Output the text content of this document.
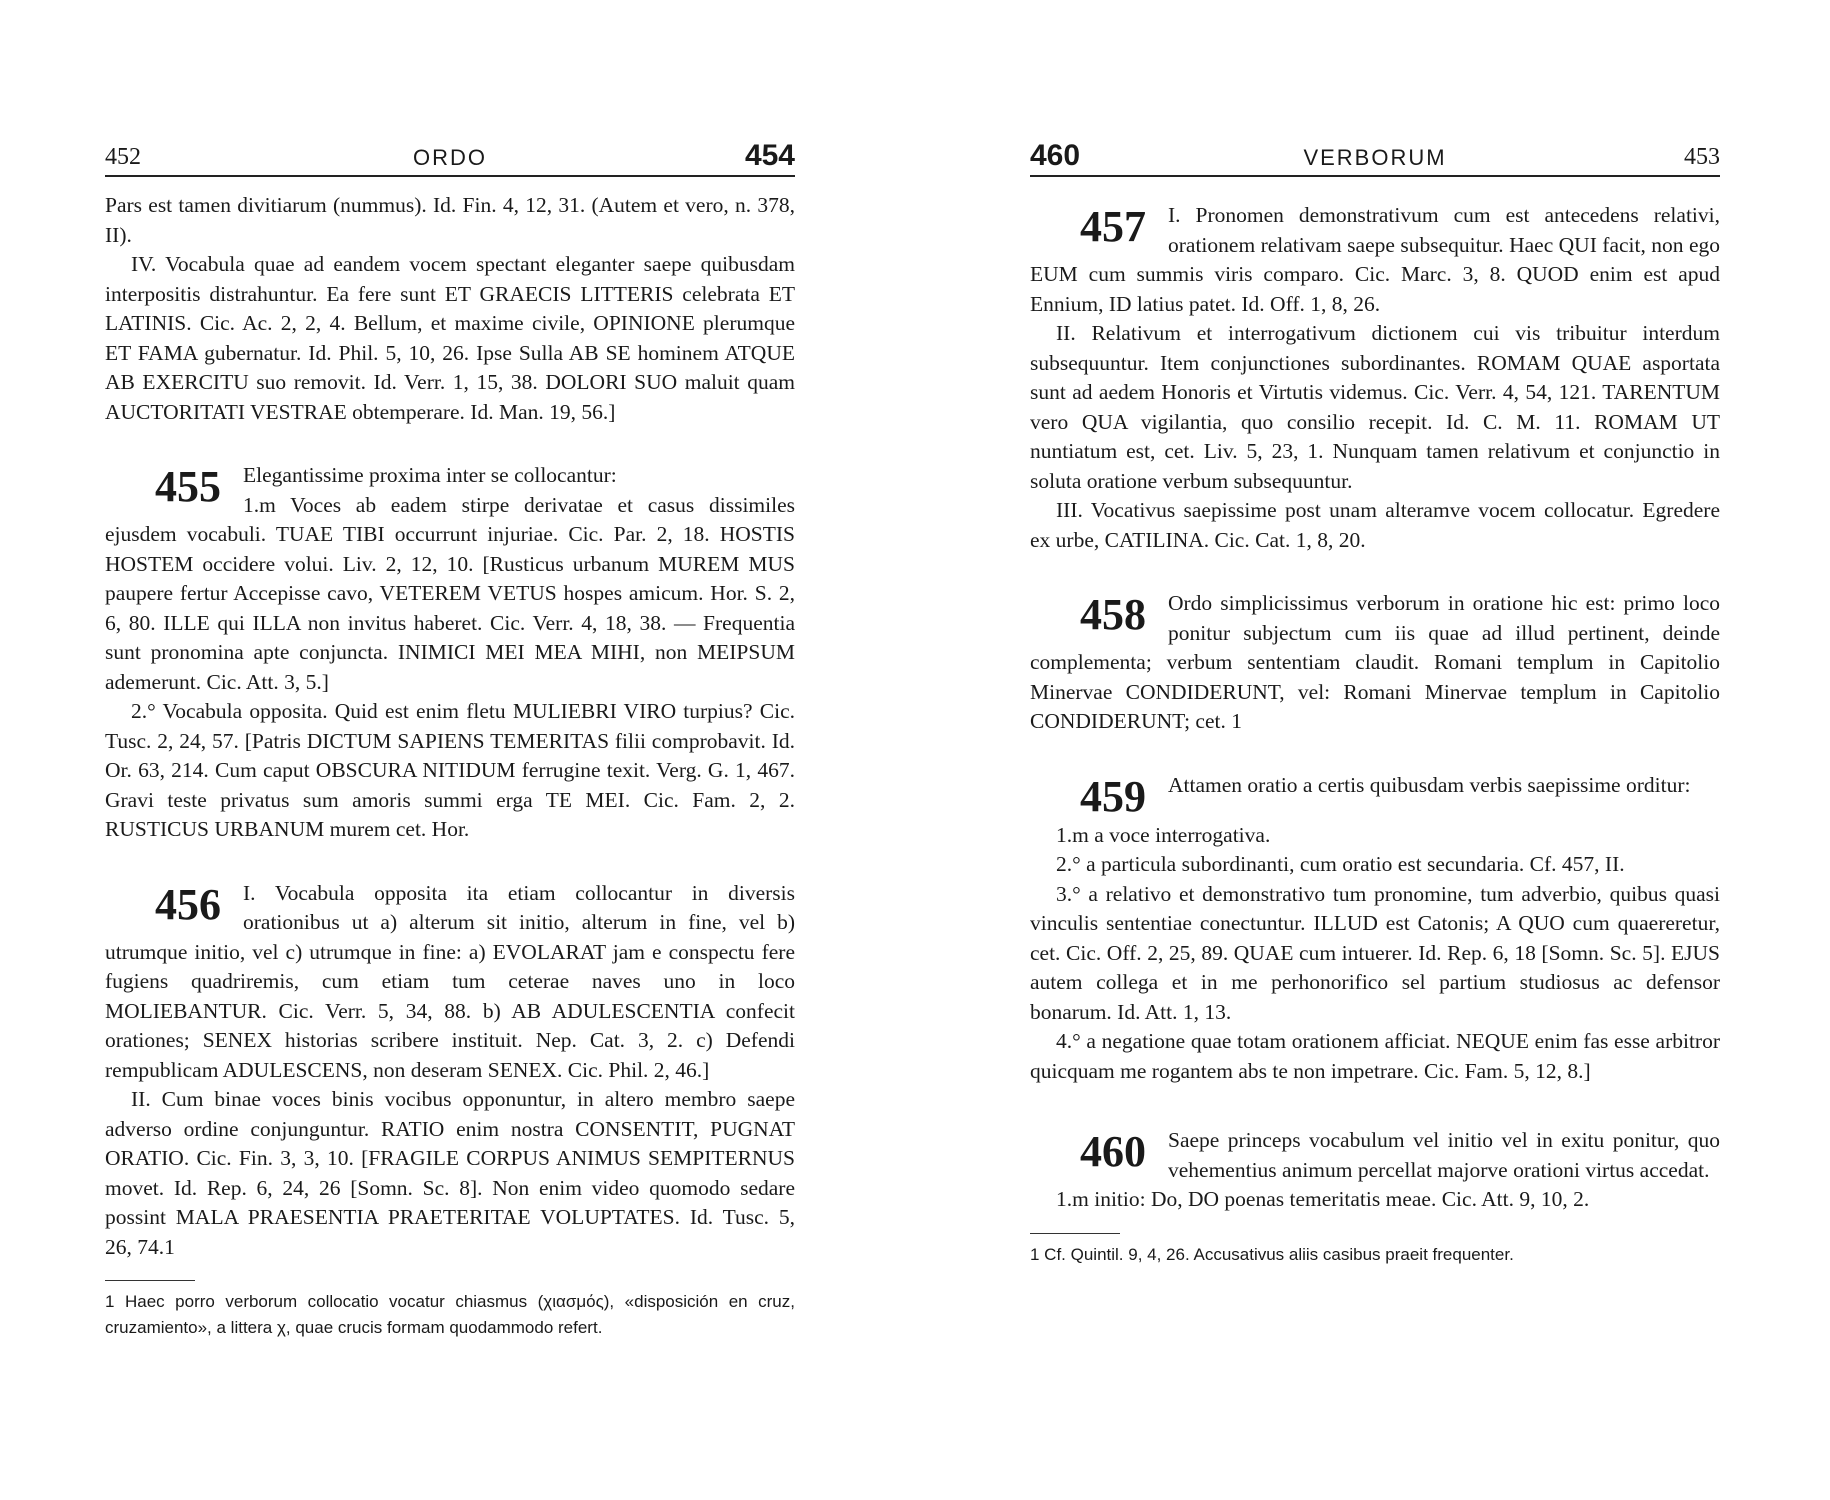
452	ORDO	454

Pars est tamen divitiarum (nummus). Id. Fin. 4, 12, 31. (Autem et vero, n. 378, II).

IV. Vocabula quae ad eandem vocem spectant eleganter saepe quibusdam interpositis distrahuntur. Ea fere sunt ET GRAECIS LITTERIS celebrata ET LATINIS. Cic. Ac. 2, 2, 4. Bellum, et maxime civile, OPINIONE plerumque ET FAMA gubernatur. Id. Phil. 5, 10, 26. Ipse Sulla AB SE hominem ATQUE AB EXERCITU suo removit. Id. Verr. 1, 15, 38. DOLORI SUO maluit quam AUCTORITATI VESTRAE obtemperare. Id. Man. 19, 56.]

455	Elegantissime proxima inter se collocantur:

1.m Voces ab eadem stirpe derivatae et casus dissimiles ejusdem vocabuli. TUAE TIBI occurrunt injuriae. Cic. Par. 2, 18. HOSTIS HOSTEM occidere volui. Liv. 2, 12, 10. [Rusticus urbanum MUREM MUS paupere fertur Accepisse cavo, VETEREM VETUS hospes amicum. Hor. S. 2, 6, 80. ILLE qui ILLA non invitus haberet. Cic. Verr. 4, 18, 38. — Frequentia sunt pronomina apte conjuncta. INIMICI MEI MEA MIHI, non MEIPSUM ademerunt. Cic. Att. 3, 5.]

2.° Vocabula opposita. Quid est enim fletu MULIEBRI VIRO turpius? Cic. Tusc. 2, 24, 57. [Patris DICTUM SAPIENS TEMERITAS filii comprobavit. Id. Or. 63, 214. Cum caput OBSCURA NITIDUM ferrugine texit. Verg. G. 1, 467. Gravi teste privatus sum amoris summi erga TE MEI. Cic. Fam. 2, 2. RUSTICUS URBANUM murem cet. Hor.

456	I. Vocabula opposita ita etiam collocantur in diversis orationibus ut a) alterum sit initio, alterum in fine, vel b) utrumque initio, vel c) utrumque in fine: a) EVOLARAT jam e conspectu fere fugiens quadriremis, cum etiam tum ceterae naves uno in loco MOLIEBANTUR. Cic. Verr. 5, 34, 88. b) AB ADULESCENTIA confecit orationes; SENEX historias scribere instituit. Nep. Cat. 3, 2. c) Defendi rempublicam ADULESCENS, non deseram SENEX. Cic. Phil. 2, 46.]

II. Cum binae voces binis vocibus opponuntur, in altero membro saepe adverso ordine conjunguntur. RATIO enim nostra CONSENTIT, PUGNAT ORATIO. Cic. Fin. 3, 3, 10. [FRAGILE CORPUS ANIMUS SEMPITERNUS movet. Id. Rep. 6, 24, 26 [Somn. Sc. 8]. Non enim video quomodo sedare possint MALA PRAESENTIA PRAETERITAE VOLUPTATES. Id. Tusc. 5, 26, 74.1

1 Haec porro verborum collocatio vocatur chiasmus (χιασμός), «disposición en cruz, cruzamiento», a littera χ, quae crucis formam quodammodo refert.
460	VERBORUM	453
457	I. Pronomen demonstrativum cum est antecedens relativi, orationem relativam saepe subsequitur. Haec QUI facit, non ego EUM cum summis viris comparo. Cic. Marc. 3, 8. QUOD enim est apud Ennium, ID latius patet. Id. Off. 1, 8, 26.

II. Relativum et interrogativum dictionem cui vis tribuitur interdum subsequuntur. Item conjunctiones subordinantes. ROMAM QUAE asportata sunt ad aedem Honoris et Virtutis videmus. Cic. Verr. 4, 54, 121. TARENTUM vero QUA vigilantia, quo consilio recepit. Id. C. M. 11. ROMAM UT nuntiatum est, cet. Liv. 5, 23, 1. Nunquam tamen relativum et conjunctio in soluta oratione verbum subsequuntur.

III. Vocativus saepissime post unam alteramve vocem collocatur. Egredere ex urbe, CATILINA. Cic. Cat. 1, 8, 20.

458	Ordo simplicissimus verborum in oratione hic est: primo loco ponitur subjectum cum iis quae ad illud pertinent, deinde complementa; verbum sententiam claudit. Romani templum in Capitolio Minervae CONDIDERUNT, vel: Romani Minervae templum in Capitolio CONDIDERUNT; cet. 1

459	Attamen oratio a certis quibusdam verbis saepissime orditur:

1.m a voce interrogativa.

2.° a particula subordinanti, cum oratio est secundaria. Cf. 457, II.

3.° a relativo et demonstrativo tum pronomine, tum adverbio, quibus quasi vinculis sententiae conectuntur. ILLUD est Catonis; A QUO cum quaereretur, cet. Cic. Off. 2, 25, 89. QUAE cum intuerer. Id. Rep. 6, 18 [Somn. Sc. 5]. EJUS autem collega et in me perhonorifico sel partium studiosus ac defensor bonarum. Id. Att. 1, 13.

4.° a negatione quae totam orationem afficiat. NEQUE enim fas esse arbitror quicquam me rogantem abs te non impetrare. Cic. Fam. 5, 12, 8.]

460	Saepe princeps vocabulum vel initio vel in exitu ponitur, quo vehementius animum percellat majorve orationi virtus accedat.

1.m initio: Do, DO poenas temeritatis meae. Cic. Att. 9, 10, 2.

1 Cf. Quintil. 9, 4, 26. Accusativus aliis casibus praeit frequenter.
